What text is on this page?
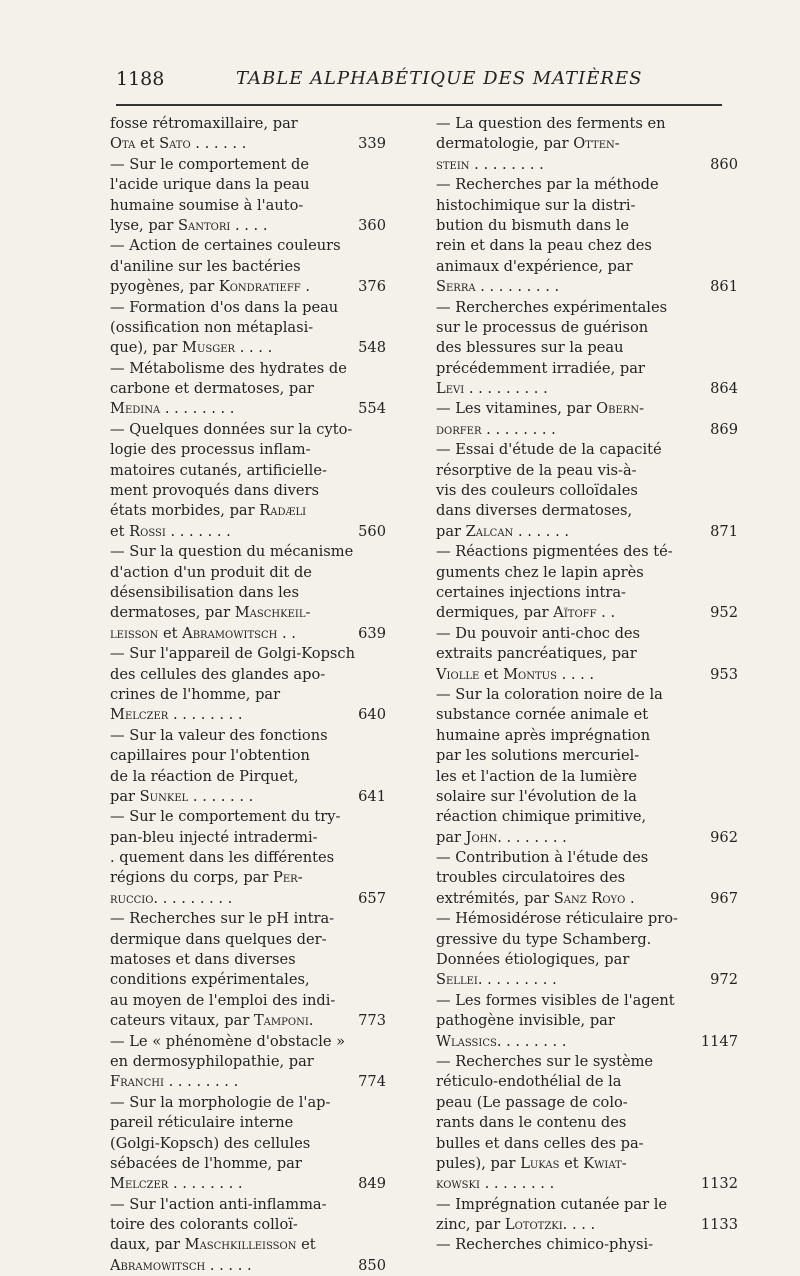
1188	TABLE ALPHABÉTIQUE DES MATIÈRES
fosse rétromaxillaire, par
Ota et Sato . . . . . .	339
— Sur le comportement de
l'acide urique dans la peau
humaine soumise à l'auto-
lyse, par Santori . . . .	360
— Action de certaines couleurs
d'aniline sur les bactéries
pyogènes, par Kondratieff .	376
— Formation d'os dans la peau
(ossification non métaplasi-
que), par Musger . . . .	548
— Métabolisme des hydrates de
carbone et dermatoses, par
Medina . . . . . . . .	554
— Quelques données sur la cyto-
logie des processus inflam-
matoires cutanés, artificielle-
ment provoqués dans divers
états morbides, par Radæli
et Rossi . . . . . . .	560
— Sur la question du mécanisme
d'action d'un produit dit de
désensibilisation dans les
dermatoses, par Maschkeil-
leisson et Abramowitsch . .	639
— Sur l'appareil de Golgi-Kopsch
des cellules des glandes apo-
crines de l'homme, par
Melczer . . . . . . . .	640
— Sur la valeur des fonctions
capillaires pour l'obtention
de la réaction de Pirquet,
par Sunkel . . . . . . .	641
— Sur le comportement du try-
pan-bleu injecté intradermi-
. quement dans les différentes
régions du corps, par Per-
ruccio. . . . . . . . .	657
— Recherches sur le pH intra-
dermique dans quelques der-
matoses et dans diverses
conditions expérimentales,
au moyen de l'emploi des indi-
cateurs vitaux, par Tamponi.	773
— Le « phénomène d'obstacle »
en dermosyphilopathie, par
Franchi . . . . . . . .	774
— Sur la morphologie de l'ap-
pareil réticulaire interne
(Golgi-Kopsch) des cellules
sébacées de l'homme, par
Melczer . . . . . . . .	849
— Sur l'action anti-inflamma-
toire des colorants colloï-
daux, par Maschkilleisson et
Abramowitsch . . . . .	850
— La question des ferments en
dermatologie, par Otten-
stein . . . . . . . .	860
— Recherches par la méthode
histochimique sur la distri-
bution du bismuth dans le
rein et dans la peau chez des
animaux d'expérience, par
Serra . . . . . . . . .	861
— Rercherches expérimentales
sur le processus de guérison
des blessures sur la peau
précédemment irradiée, par
Levi . . . . . . . . .	864
— Les vitamines, par Obern-
dorfer . . . . . . . .	869
— Essai d'étude de la capacité
résorptive de la peau vis-à-
vis des couleurs colloïdales
dans diverses dermatoses,
par Zalcan . . . . . .	871
— Réactions pigmentées des té-
guments chez le lapin après
certaines injections intra-
dermiques, par Aïtoff . .	952
— Du pouvoir anti-choc des
extraits pancréatiques, par
Violle et Montus . . . .	953
— Sur la coloration noire de la
substance cornée animale et
humaine après imprégnation
par les solutions mercuriel-
les et l'action de la lumière
solaire sur l'évolution de la
réaction chimique primitive,
par John. . . . . . . .	962
— Contribution à l'étude des
troubles circulatoires des
extrémités, par Sanz Royo .	967
— Hémosidérose réticulaire pro-
gressive du type Schamberg.
Données étiologiques, par
Sellei. . . . . . . . .	972
— Les formes visibles de l'agent
pathogène invisible, par
Wlassics. . . . . . . .	1147
— Recherches sur le système
réticulo-endothélial de la
peau (Le passage de colo-
rants dans le contenu des
bulles et dans celles des pa-
pules), par Lukas et Kwiat-
kowski . . . . . . . .	1132
— Imprégnation cutanée par le
zinc, par Lototzki. . . .	1133
— Recherches chimico-physi-
